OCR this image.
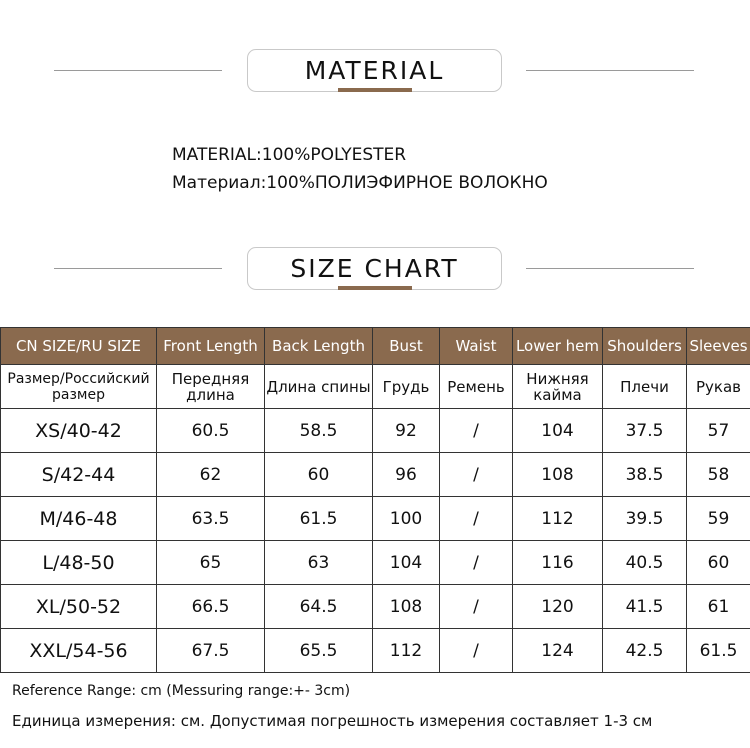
MATERIAL
MATERIAL:100%POLYESTER
Материал:100%ПОЛИЭФИРНОЕ ВОЛОКНО
SIZE CHART
CN SIZE/RU SIZE	Front Length	Back Length	Bust	Waist	Lower hem	Shoulders	Sleeves
Размер/Российский размер	Передняя длина	Длина спины	Грудь	Ремень	Нижняя кайма	Плечи	Рукав
XS/40-42	60.5	58.5	92	/	104	37.5	57
S/42-44	62	60	96	/	108	38.5	58
M/46-48	63.5	61.5	100	/	112	39.5	59
L/48-50	65	63	104	/	116	40.5	60
XL/50-52	66.5	64.5	108	/	120	41.5	61
XXL/54-56	67.5	65.5	112	/	124	42.5	61.5
Reference Range: cm (Messuring range:+- 3cm)
Единица измерения: см. Допустимая погрешность измерения составляет 1-3 см
